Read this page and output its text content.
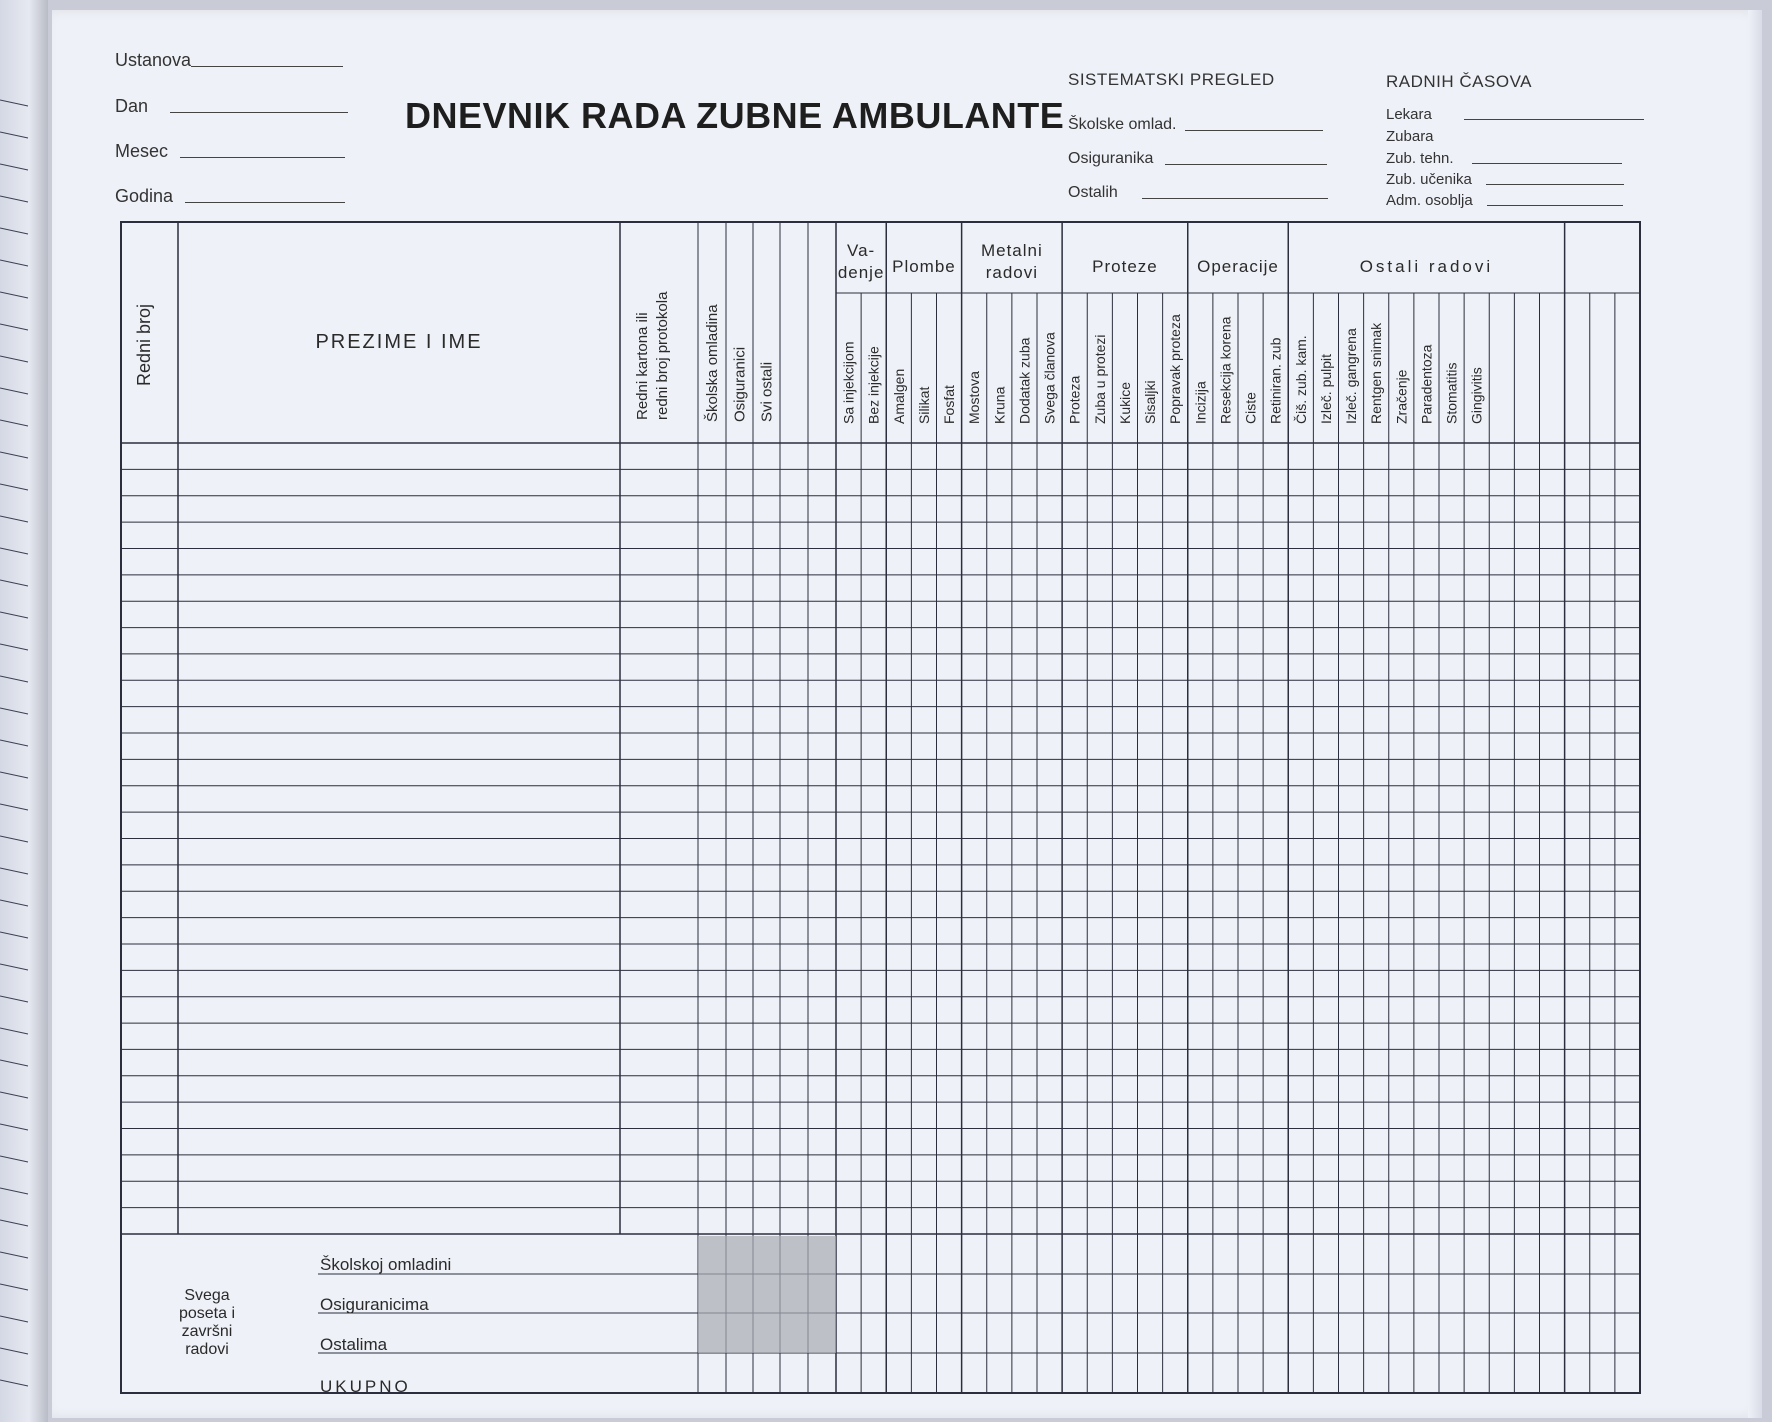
Ustanova
Dan
Mesec
Godina
DNEVNIK RADA ZUBNE AMBULANTE
SISTEMATSKI PREGLED
Školske omlad.
Osiguranika
Ostalih
RADNIH ČASOVA
Lekara
Zubara
Zub. tehn.
Zub. učenika
Adm. osoblja
Redni broj	PREZIME I IME	Redni kartona ili redni broj protokola Školska omladina Osiguranici Svi ostali
Va-
denje
Sa injekcijom Bez injekcije
Plombe
Amalgen Silikat Fosfat
Metalni
radovi
Mostova Kruna Dodatak zuba Svega članova
Proteze
Proteza Zuba u protezi Kukice Sisaljki Popravak proteza
Operacije
Incizija Resekcija korena Ciste Retiniran. zub
Ostali radovi
Čiš. zub. kam. Izleč. pulpit Izleč. gangrena Rentgen snimak Zračenje Paradentoza Stomatitis Gingivitis
Svega
poseta i
završni
radovi
Školskoj omladini
Osiguranicima
Ostalima
UKUPNO
